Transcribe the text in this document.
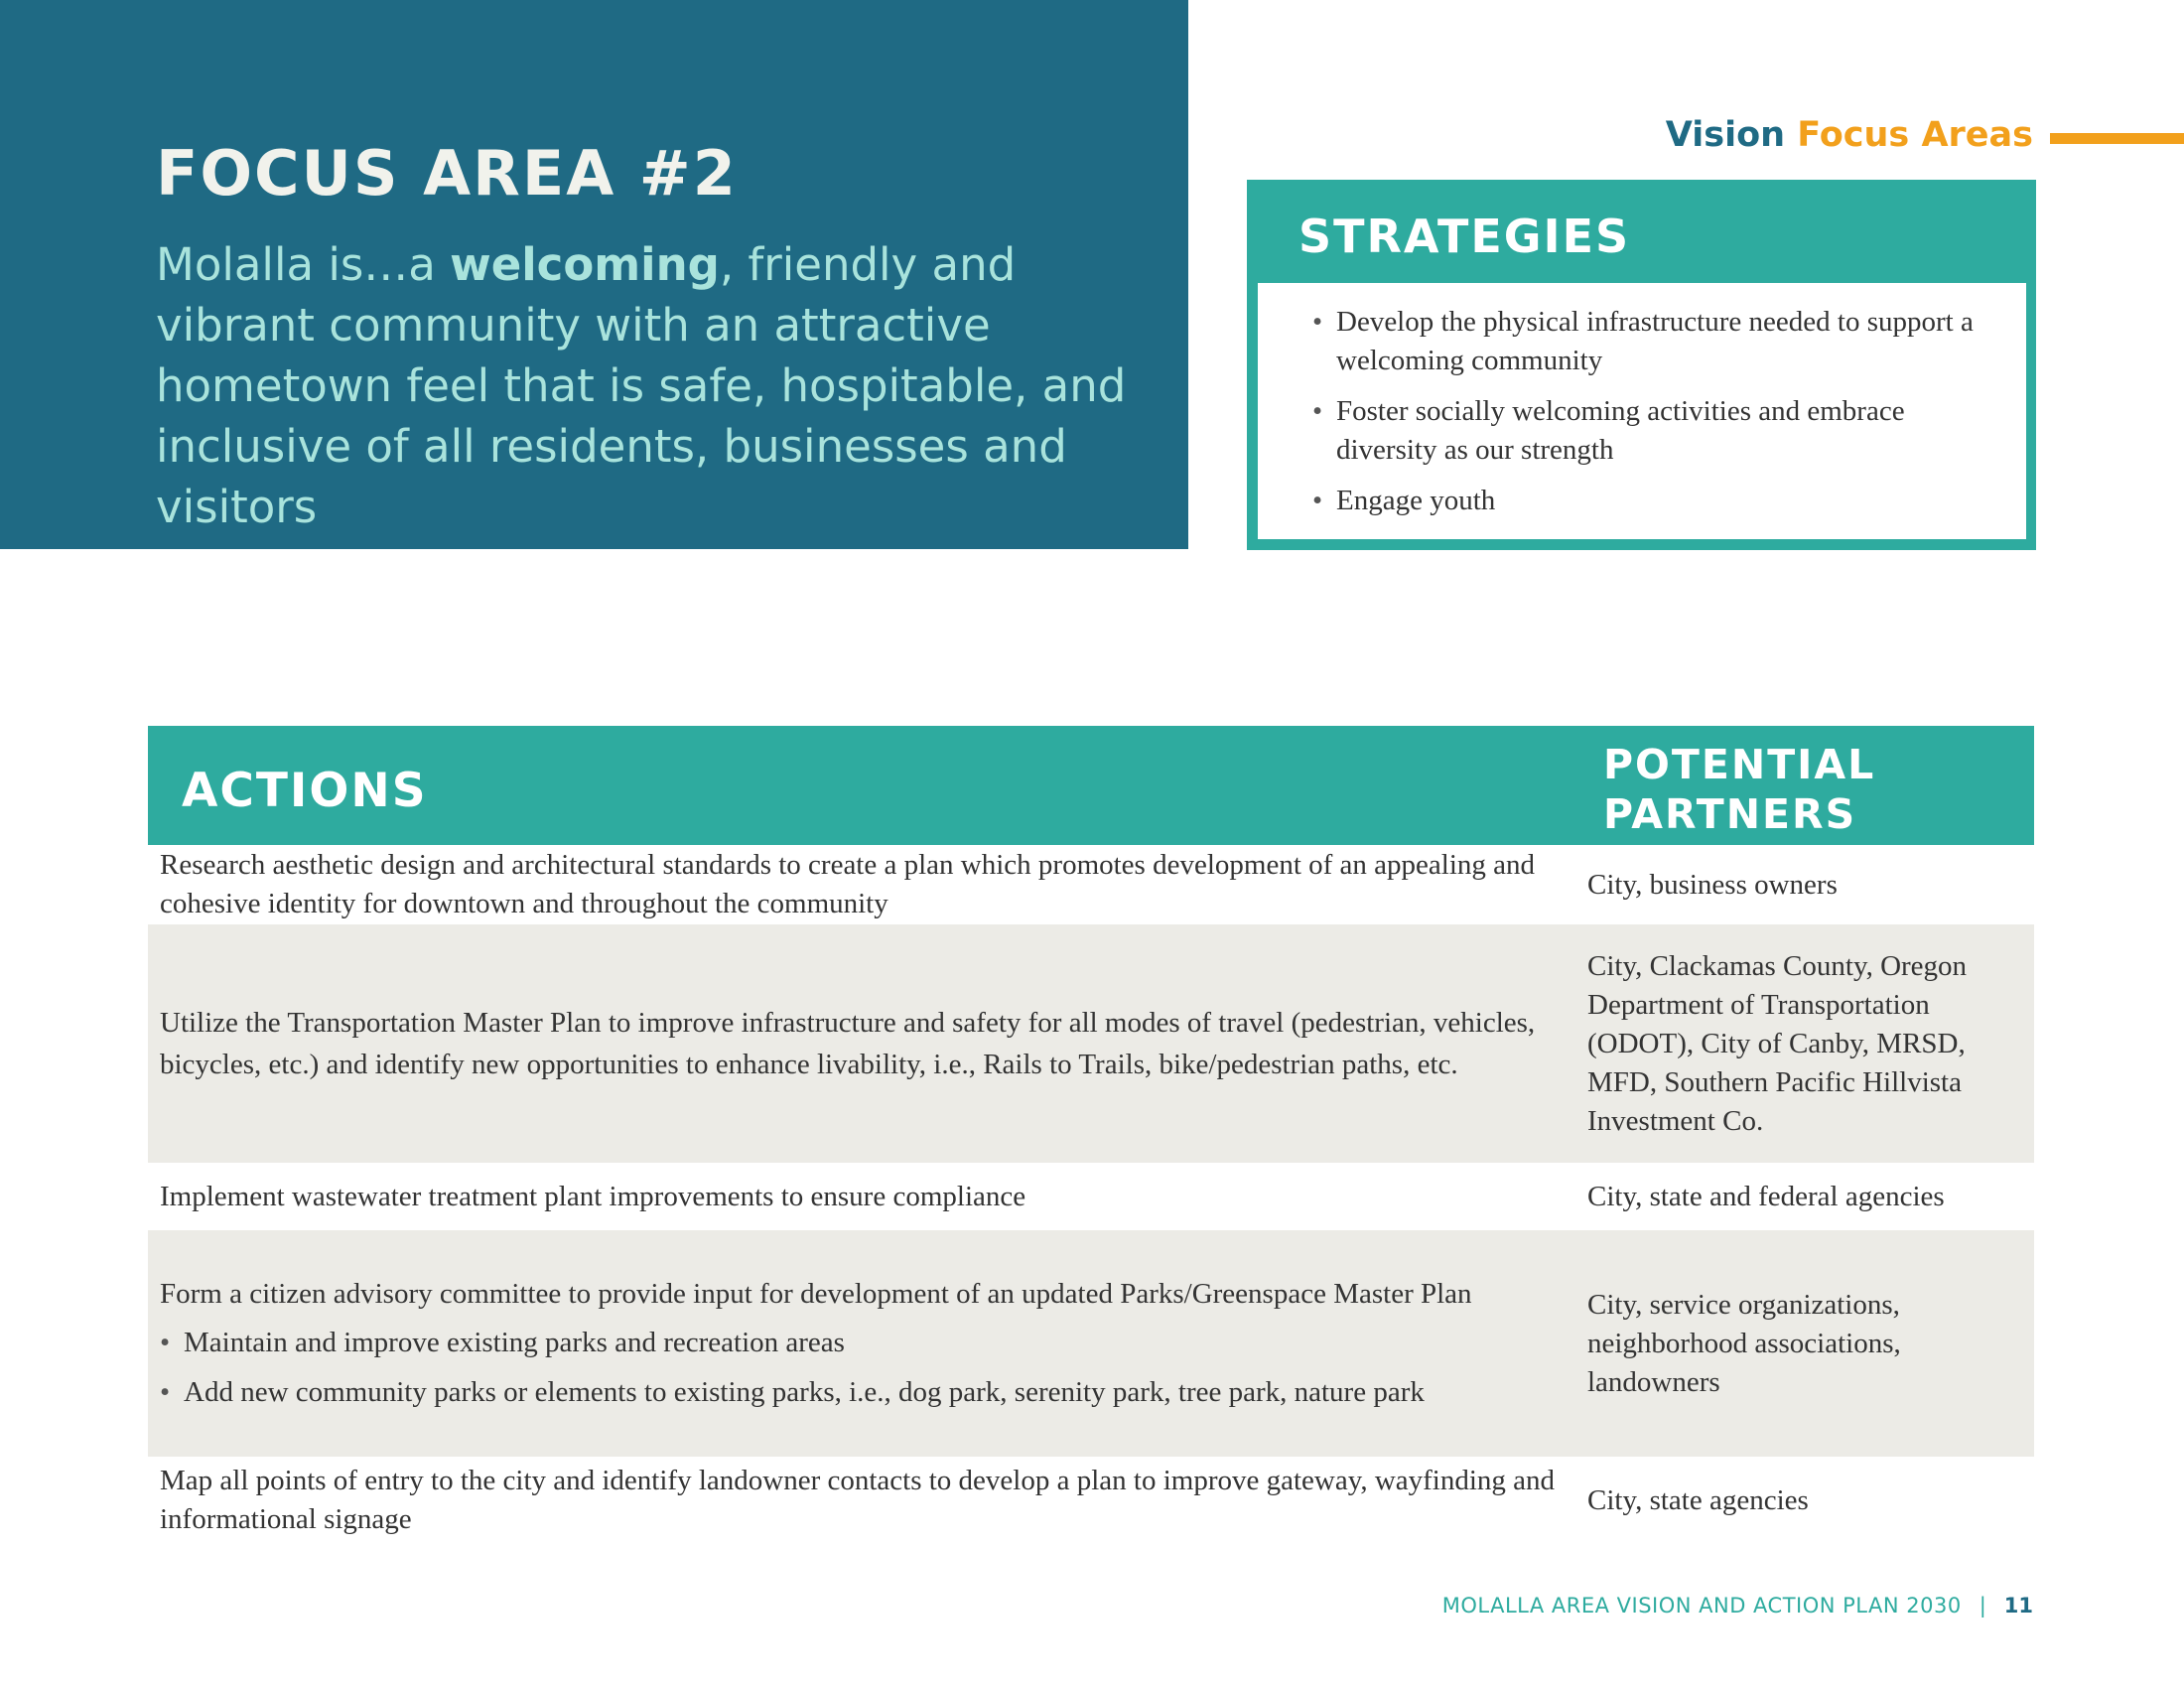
FOCUS AREA #2
Molalla is…a welcoming, friendly and vibrant community with an attractive hometown feel that is safe, hospitable, and inclusive of all residents, businesses and visitors
Vision Focus Areas
STRATEGIES
• Develop the physical infrastructure needed to support a welcoming community
• Foster socially welcoming activities and embrace diversity as our strength
• Engage youth
ACTIONS	POTENTIAL PARTNERS
Research aesthetic design and architectural standards to create a plan which promotes development of an appealing and cohesive identity for downtown and throughout the community
City, business owners
Utilize the Transportation Master Plan to improve infrastructure and safety for all modes of travel (pedestrian, vehicles, bicycles, etc.) and identify new opportunities to enhance livability, i.e., Rails to Trails, bike/pedestrian paths, etc.
City, Clackamas County, Oregon Department of Transportation (ODOT), City of Canby, MRSD, MFD, Southern Pacific Hillvista Investment Co.
Implement wastewater treatment plant improvements to ensure compliance	City, state and federal agencies
Form a citizen advisory committee to provide input for development of an updated Parks/Greenspace Master Plan
• Maintain and improve existing parks and recreation areas
• Add new community parks or elements to existing parks, i.e., dog park, serenity park, tree park, nature park
City, service organizations, neighborhood associations, landowners
Map all points of entry to the city and identify landowner contacts to develop a plan to improve gateway, wayfinding and informational signage
City, state agencies
MOLALLA AREA VISION AND ACTION PLAN 2030 | 11
